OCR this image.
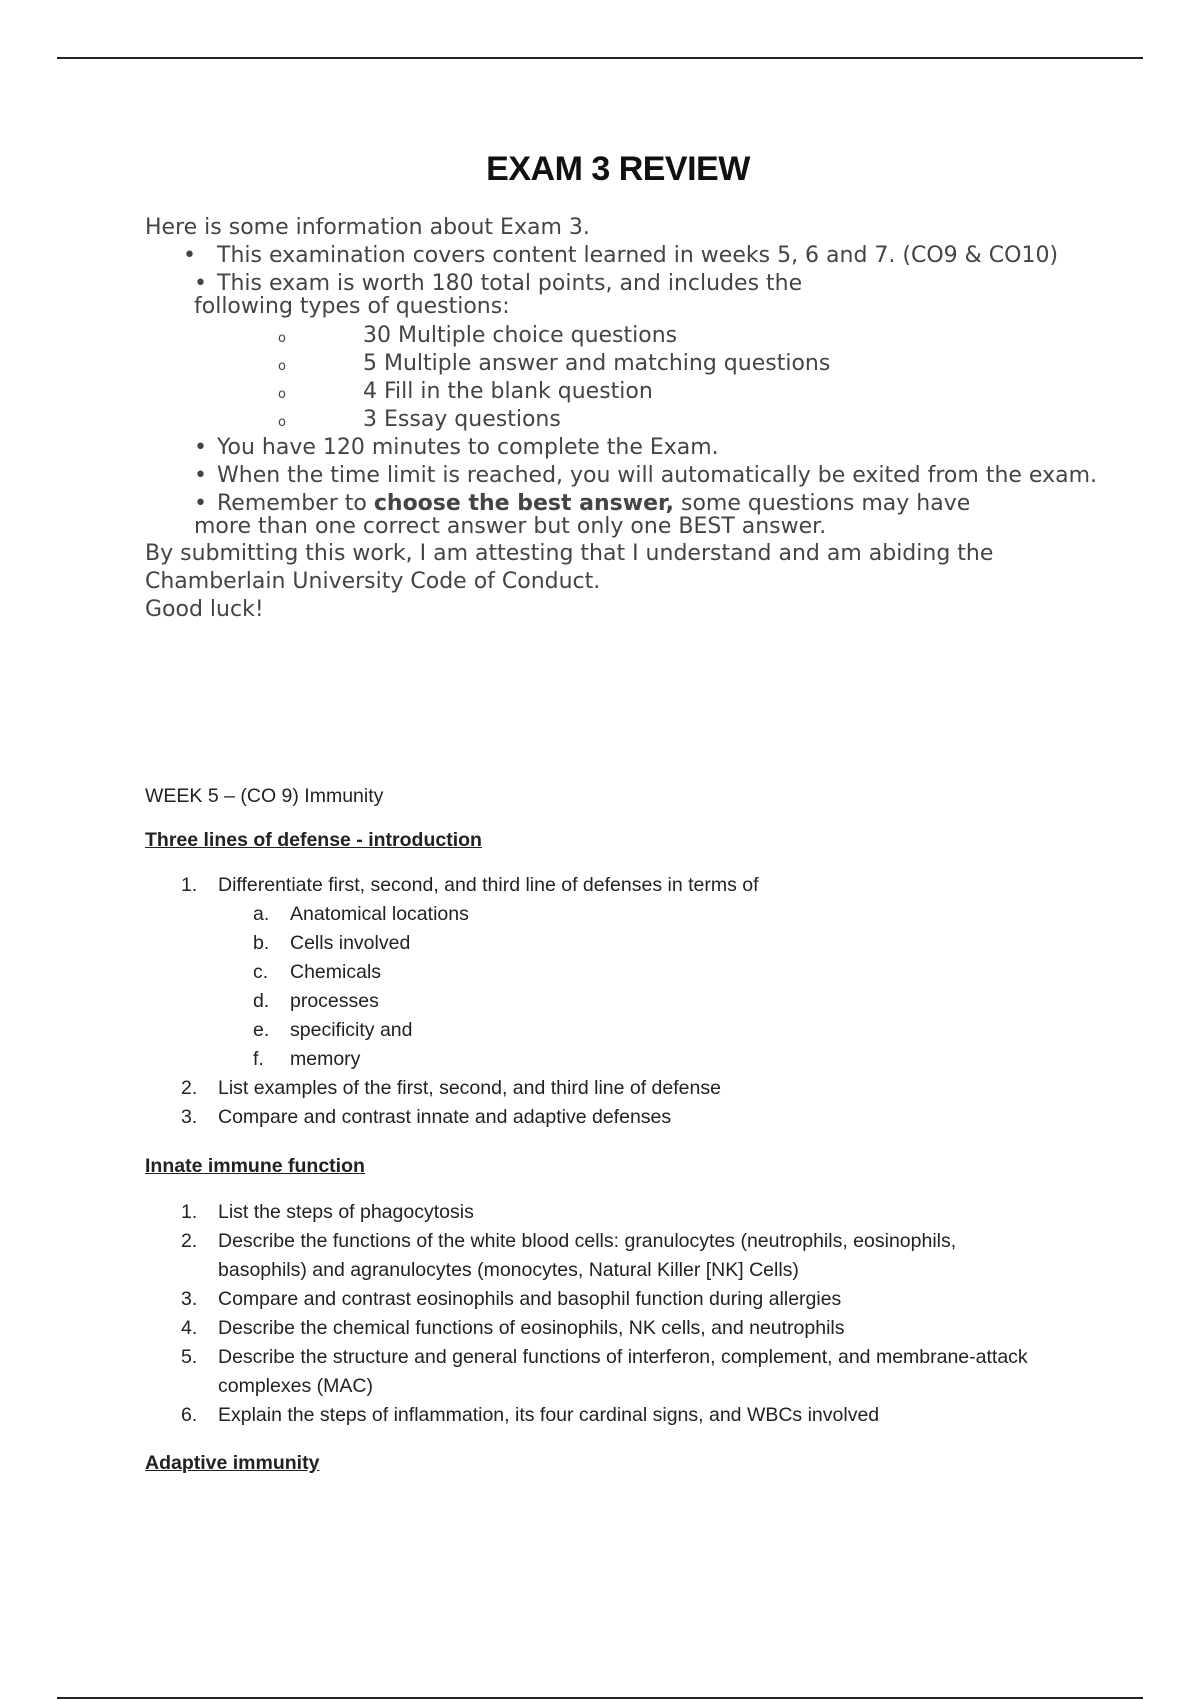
EXAM 3 REVIEW

Here is some information about Exam 3.

• This examination covers content learned in weeks 5, 6 and 7. (CO9 & CO10)
• This exam is worth 180 total points, and includes the
following types of questions:
o	30 Multiple choice questions
o	5 Multiple answer and matching questions
o	4 Fill in the blank question
o	3 Essay questions
• You have 120 minutes to complete the Exam.
• When the time limit is reached, you will automatically be exited from the exam.
• Remember to choose the best answer, some questions may have
more than one correct answer but only one BEST answer.

By submitting this work, I am attesting that I understand and am abiding the Chamberlain University Code of Conduct.

Good luck!

WEEK 5 – (CO 9) Immunity
Three lines of defense - introduction
1. Differentiate first, second, and third line of defenses in terms of
a. Anatomical locations
b. Cells involved
c. Chemicals
d. processes
e. specificity and
f. memory
2. List examples of the first, second, and third line of defense
3. Compare and contrast innate and adaptive defenses
Innate immune function
1. List the steps of phagocytosis
2. Describe the functions of the white blood cells: granulocytes (neutrophils, eosinophils, basophils) and agranulocytes (monocytes, Natural Killer [NK] Cells)
3. Compare and contrast eosinophils and basophil function during allergies
4. Describe the chemical functions of eosinophils, NK cells, and neutrophils
5. Describe the structure and general functions of interferon, complement, and membrane-attack complexes (MAC)
6. Explain the steps of inflammation, its four cardinal signs, and WBCs involved
Adaptive immunity
